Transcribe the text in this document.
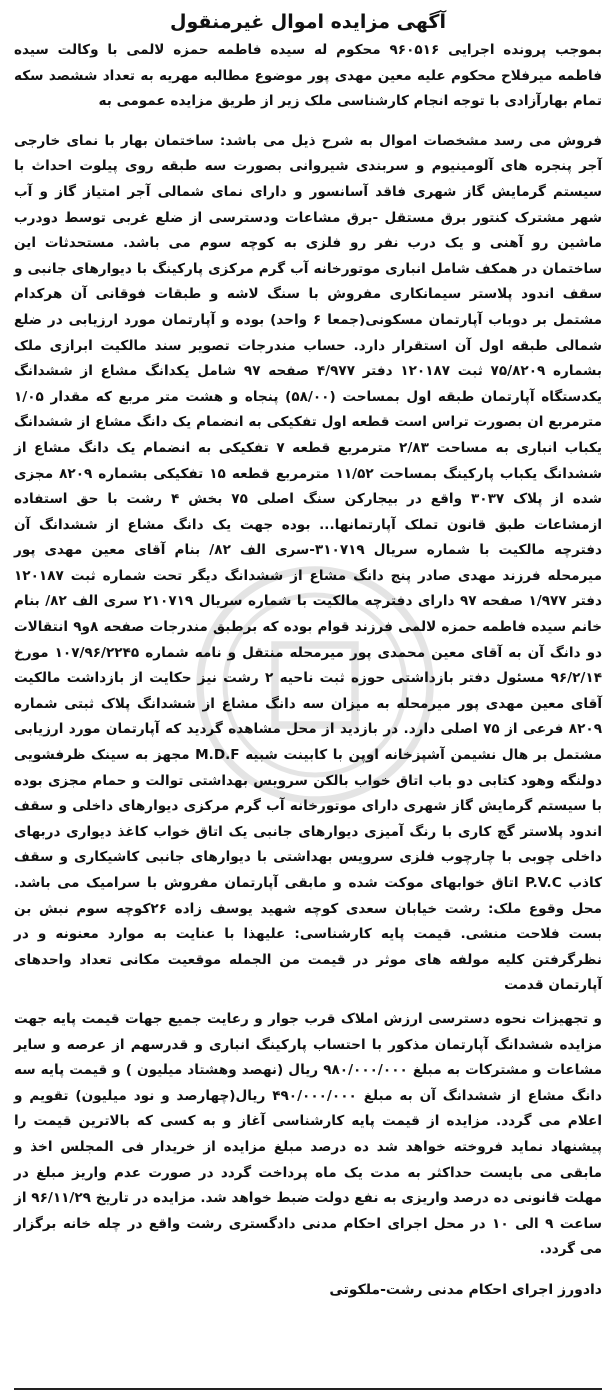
آگهی مزایده اموال غیرمنقول

بموجب پرونده اجرایی ۹۶۰۵۱۶ محکوم له سیده فاطمه حمزه لالمی با وکالت سیده فاطمه میرفلاح محکوم علیه معین مهدی پور موضوع مطالبه مهریه به تعداد ششصد سکه تمام بهارآزادی با توجه انجام کارشناسی ملک زیر از طریق مزایده عمومی به

فروش می رسد مشخصات اموال به شرح ذیل می باشد: ساختمان بهار با نمای خارجی آجر پنجره های آلومینیوم و سربندی شیروانی بصورت سه طبقه روی پیلوت احداث با سیستم گرمایش گاز شهری فاقد آسانسور و دارای نمای شمالی آجر امتیاز گاز و آب شهر مشترک کنتور برق مستقل -برق مشاعات ودسترسی از ضلع غربی توسط دودرب ماشین رو آهنی و یک درب نفر رو فلزی به کوچه سوم می باشد. مستحدثات این ساختمان در همکف شامل انباری موتورخانه آب گرم مرکزی پارکینگ با دیوارهای جانبی و سقف اندود پلاستر سیمانکاری مفروش با سنگ لاشه و طبقات فوقانی آن هرکدام مشتمل بر دوباب آپارتمان مسکونی(جمعا ۶ واحد) بوده و آپارتمان مورد ارزیابی در ضلع شمالی طبقه اول آن استقرار دارد. حساب مندرجات تصویر سند مالکیت ابرازی ملک بشماره ۷۵/۸۲۰۹ ثبت ۱۲۰۱۸۷ دفتر ۴/۹۷۷ صفحه ۹۷ شامل یکدانگ مشاع از ششدانگ یکدستگاه آپارتمان طبقه اول بمساحت (۵۸/۰۰) پنجاه و هشت متر مربع که مقدار ۱/۰۵ مترمربع ان بصورت تراس است قطعه اول تفکیکی به انضمام یک دانگ مشاع از ششدانگ یکباب انباری به مساحت ۲/۸۳ مترمربع قطعه ۷ تفکیکی به انضمام یک دانگ مشاع از ششدانگ یکباب پارکینگ بمساحت ۱۱/۵۲ مترمربع قطعه ۱۵ تفکیکی بشماره ۸۲۰۹ مجزی شده از پلاک ۳۰۳۷ واقع در بیجارکن سنگ اصلی ۷۵ بخش ۴ رشت با حق استفاده ازمشاعات طبق قانون تملک آپارتمانها... بوده جهت یک دانگ مشاع از ششدانگ آن دفترچه مالکیت با شماره سریال ۳۱۰۷۱۹-سری الف ۸۲/ بنام آقای معین مهدی پور میرمحله فرزند مهدی صادر پنج دانگ مشاع از ششدانگ دیگر تحت شماره ثبت ۱۲۰۱۸۷ دفتر ۱/۹۷۷ صفحه ۹۷ دارای دفترچه مالکیت با شماره سریال ۲۱۰۷۱۹ سری الف ۸۲/ بنام خانم سیده فاطمه حمزه لالمی فرزند قوام بوده که برطبق مندرجات صفحه ۸و۹ انتقالات دو دانگ آن به آقای معین محمدی پور میرمحله منتقل و نامه شماره ۱۰۷/۹۶/۲۲۴۵ مورخ ۹۶/۲/۱۴ مسئول دفتر بازداشتی حوزه ثبت ناحیه ۲ رشت نیز حکایت از بازداشت مالکیت آقای معین مهدی پور میرمحله به میزان سه دانگ مشاع از ششدانگ پلاک ثبتی شماره ۸۲۰۹ فرعی از ۷۵ اصلی دارد. در بازدید از محل مشاهده گردید که آپارتمان مورد ارزیابی مشتمل بر هال نشیمن آشپزخانه اوپن با کابینت شبیه M.D.F مجهز به سینک ظرفشویی دولنگه وهود کتابی دو باب اتاق خواب بالکن سرویس بهداشتی توالت و حمام مجزی بوده با سیستم گرمایش گاز شهری دارای موتورخانه آب گرم مرکزی دیوارهای داخلی و سقف اندود پلاستر گچ کاری با رنگ آمیزی دیوارهای جانبی یک اتاق خواب کاغذ دیواری دربهای داخلی چوبی با چارچوب فلزی سرویس بهداشتی با دیوارهای جانبی کاشیکاری و سقف کاذب P.V.C اتاق خوابهای موکت شده و مابقی آپارتمان مفروش با سرامیک می باشد. محل وقوع ملک: رشت خیابان سعدی کوچه شهید یوسف زاده ۲۶کوچه سوم نبش بن بست فلاحت منشی. قیمت پایه کارشناسی: علیهذا با عنایت به موارد معنونه و در نظرگرفتن کلیه مولفه های موثر در قیمت من الجمله موقعیت مکانی تعداد واحدهای آپارتمان قدمت

و تجهیزات نحوه دسترسی ارزش املاک قرب جوار و رعایت جمیع جهات قیمت پایه جهت مزایده ششدانگ آپارتمان مذکور با احتساب پارکینگ انباری و قدرسهم از عرصه و سایر مشاعات و مشترکات به مبلغ ۹۸۰/۰۰۰/۰۰۰ ریال (نهصد وهشتاد میلیون ) و قیمت پایه سه دانگ مشاع از ششدانگ آن به مبلغ ۴۹۰/۰۰۰/۰۰۰ ریال(چهارصد و نود میلیون) تقویم و اعلام می گردد. مزایده از قیمت پایه کارشناسی آغاز و به کسی که بالاترین قیمت را پیشنهاد نماید فروخته خواهد شد ده درصد مبلغ مزایده از خریدار فی المجلس اخذ و مابقی می بایست حداکثر به مدت یک ماه پرداخت گردد در صورت عدم واریز مبلغ در مهلت قانونی ده درصد واریزی به نفع دولت ضبط خواهد شد. مزایده در تاریخ ۹۶/۱۱/۲۹ از ساعت ۹ الی ۱۰ در محل اجرای احکام مدنی دادگستری رشت واقع در چله خانه برگزار می گردد.

دادورز اجرای احکام مدنی رشت-ملکوتی
